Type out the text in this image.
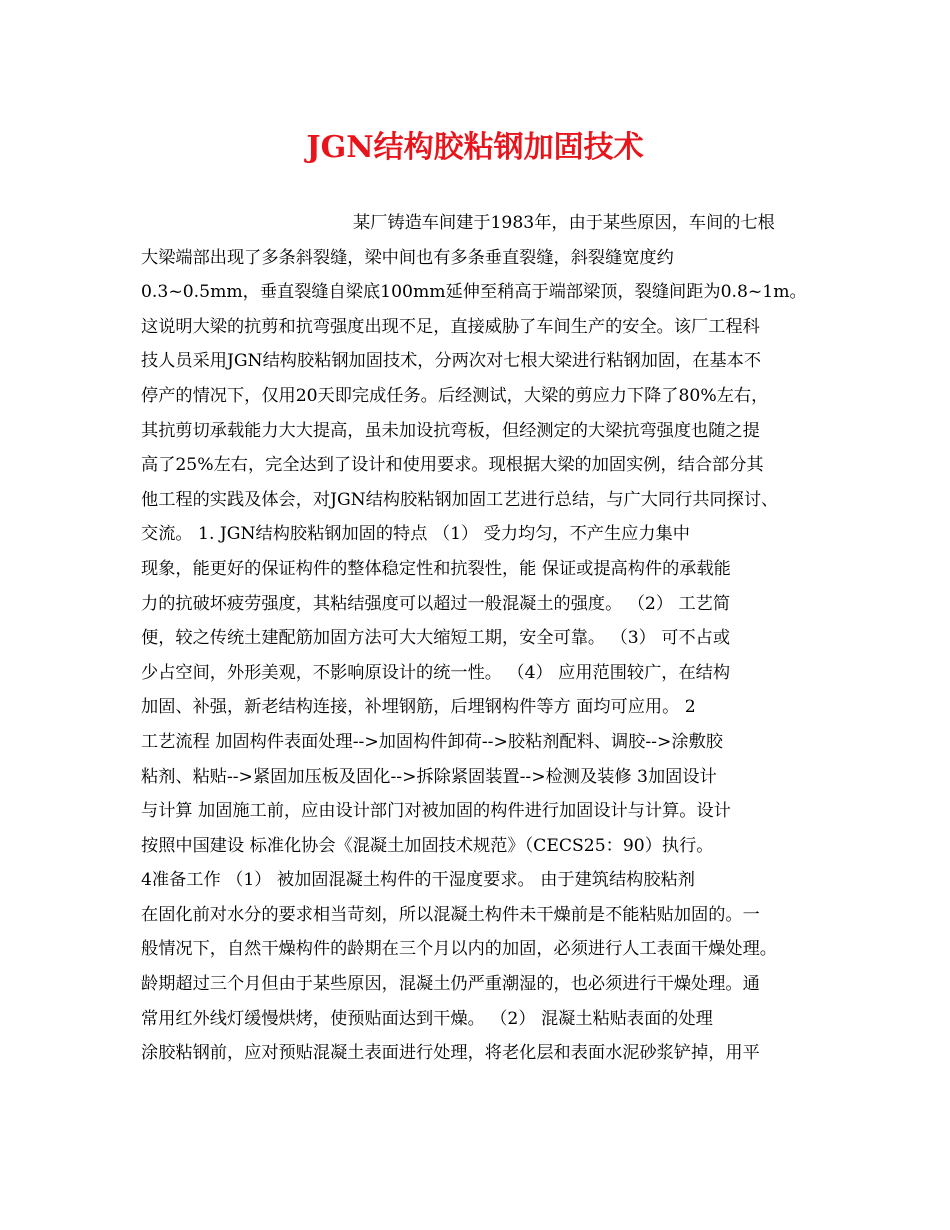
JGN结构胶粘钢加固技术
某厂铸造车间建于1983年，由于某些原因，车间的七根
大梁端部出现了多条斜裂缝，梁中间也有多条垂直裂缝，斜裂缝宽度约
0.3~0.5mm，垂直裂缝自梁底100mm延伸至稍高于端部梁顶，裂缝间距为0.8~1m。
这说明大梁的抗剪和抗弯强度出现不足，直接威胁了车间生产的安全。该厂工程科
技人员采用JGN结构胶粘钢加固技术，分两次对七根大梁进行粘钢加固，在基本不
停产的情况下，仅用20天即完成任务。后经测试，大梁的剪应力下降了80%左右，
其抗剪切承载能力大大提高，虽未加设抗弯板，但经测定的大梁抗弯强度也随之提
高了25%左右，完全达到了设计和使用要求。现根据大梁的加固实例，结合部分其
他工程的实践及体会，对JGN结构胶粘钢加固工艺进行总结，与广大同行共同探讨、
交流。 1. JGN结构胶粘钢加固的特点 （1） 受力均匀，不产生应力集中
现象，能更好的保证构件的整体稳定性和抗裂性，能 保证或提高构件的承载能
力的抗破坏疲劳强度，其粘结强度可以超过一般混凝土的强度。 （2） 工艺简
便，较之传统土建配筋加固方法可大大缩短工期，安全可靠。 （3） 可不占或
少占空间，外形美观，不影响原设计的统一性。 （4） 应用范围较广，在结构
加固、补强，新老结构连接，补埋钢筋，后埋钢构件等方 面均可应用。 2
工艺流程 加固构件表面处理-->加固构件卸荷-->胶粘剂配料、调胶-->涂敷胶
粘剂、粘贴-->紧固加压板及固化-->拆除紧固装置-->检测及装修 3加固设计
与计算 加固施工前，应由设计部门对被加固的构件进行加固设计与计算。设计
按照中国建设 标准化协会《混凝土加固技术规范》（CECS25：90）执行。
4准备工作 （1） 被加固混凝土构件的干湿度要求。 由于建筑结构胶粘剂
在固化前对水分的要求相当苛刻，所以混凝土构件未干燥前是不能粘贴加固的。一
般情况下，自然干燥构件的龄期在三个月以内的加固，必须进行人工表面干燥处理。
龄期超过三个月但由于某些原因，混凝土仍严重潮湿的，也必须进行干燥处理。通
常用红外线灯缓慢烘烤，使预贴面达到干燥。 （2） 混凝土粘贴表面的处理
涂胶粘钢前，应对预贴混凝土表面进行处理，将老化层和表面水泥砂浆铲掉，用平
